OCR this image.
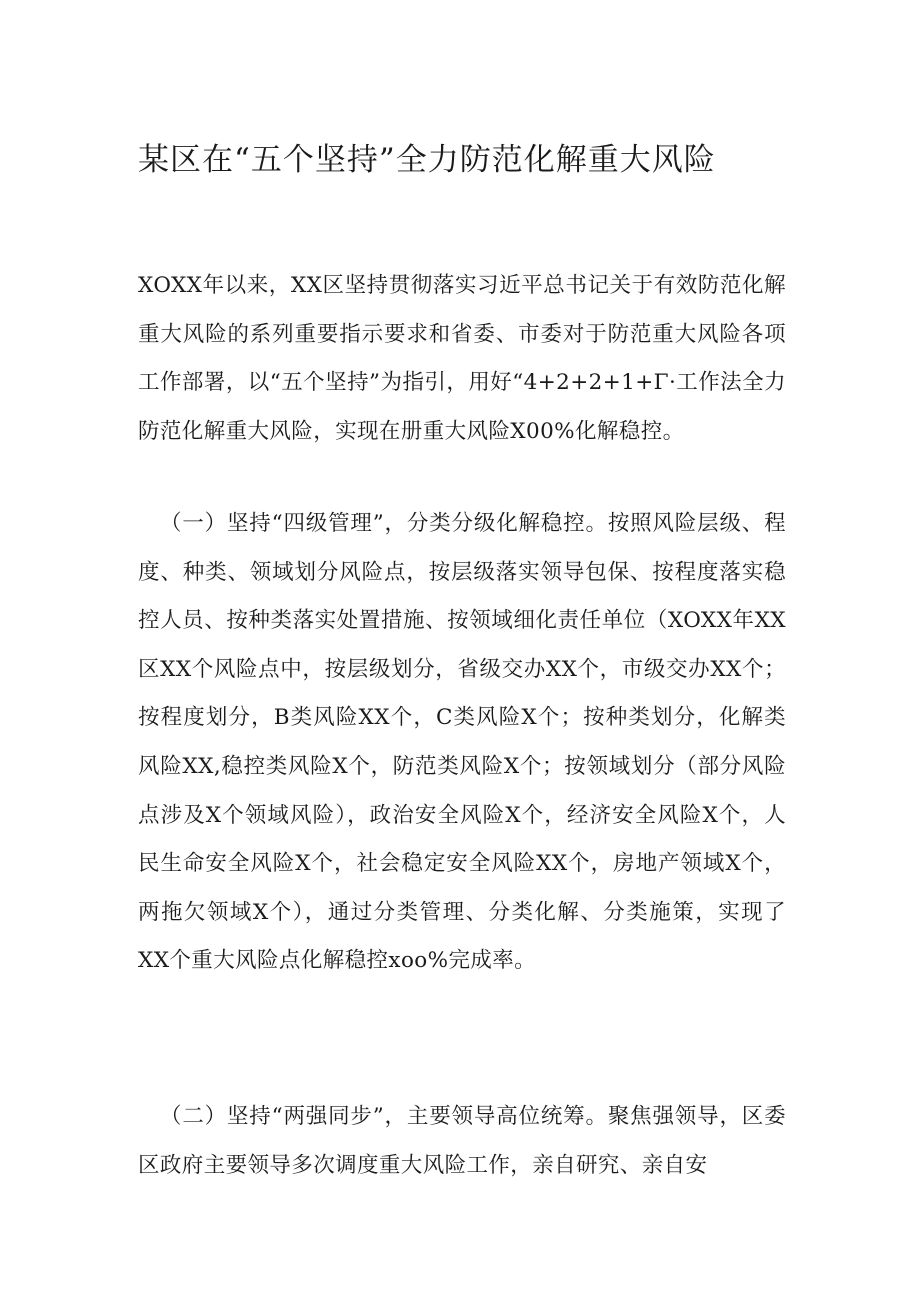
某区在“五个坚持”全力防范化解重大风险

XOXX年以来，XX区坚持贯彻落实习近平总书记关于有效防范化解重大风险的系列重要指示要求和省委、市委对于防范重大风险各项工作部署，以“五个坚持”为指引，用好“4+2+2+1+Γ·工作法全力防范化解重大风险，实现在册重大风险X00%化解稳控。

（一）坚持“四级管理”，分类分级化解稳控。按照风险层级、程度、种类、领域划分风险点，按层级落实领导包保、按程度落实稳控人员、按种类落实处置措施、按领域细化责任单位（XOXX年XX区XX个风险点中，按层级划分，省级交办XX个，市级交办XX个；按程度划分，B类风险XX个，C类风险X个；按种类划分，化解类风险XX,稳控类风险X个，防范类风险X个；按领域划分（部分风险点涉及X个领域风险），政治安全风险X个，经济安全风险X个，人民生命安全风险X个，社会稳定安全风险XX个，房地产领域X个，两拖欠领域X个），通过分类管理、分类化解、分类施策，实现了XX个重大风险点化解稳控xoo%完成率。

（二）坚持“两强同步”，主要领导高位统筹。聚焦强领导，区委区政府主要领导多次调度重大风险工作，亲自研究、亲自安
